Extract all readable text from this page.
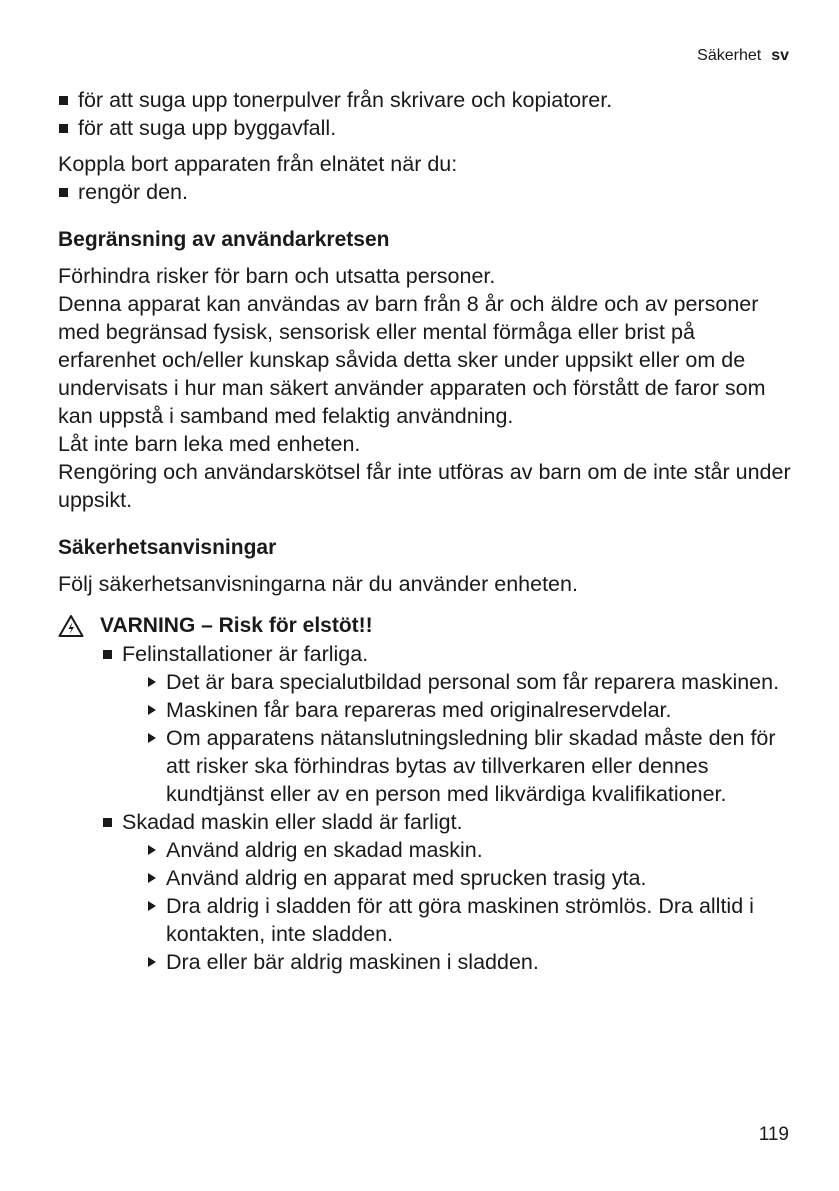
Säkerhet sv
för att suga upp tonerpulver från skrivare och kopiatorer.
för att suga upp byggavfall.

Koppla bort apparaten från elnätet när du:

rengör den.

Begränsning av användarkretsen

Förhindra risker för barn och utsatta personer.

Denna apparat kan användas av barn från 8 år och äldre och av personer med begränsad fysisk, sensorisk eller mental förmåga eller brist på erfarenhet och/eller kunskap såvida detta sker under uppsikt eller om de undervisats i hur man säkert använder apparaten och förstått de faror som kan uppstå i samband med felaktig användning.

Låt inte barn leka med enheten.

Rengöring och användarskötsel får inte utföras av barn om de inte står under uppsikt.

Säkerhetsanvisningar

Följ säkerhetsanvisningarna när du använder enheten.

VARNING – Risk för elstöt!!
Felinstallationer är farliga.
Det är bara specialutbildad personal som får reparera maskinen.
Maskinen får bara repareras med originalreservdelar.
Om apparatens nätanslutningsledning blir skadad måste den för att risker ska förhindras bytas av tillverkaren eller dennes kundtjänst eller av en person med likvärdiga kvalifikationer.
Skadad maskin eller sladd är farligt.
Använd aldrig en skadad maskin.
Använd aldrig en apparat med sprucken trasig yta.
Dra aldrig i sladden för att göra maskinen strömlös. Dra alltid i kontakten, inte sladden.
Dra eller bär aldrig maskinen i sladden.
119
